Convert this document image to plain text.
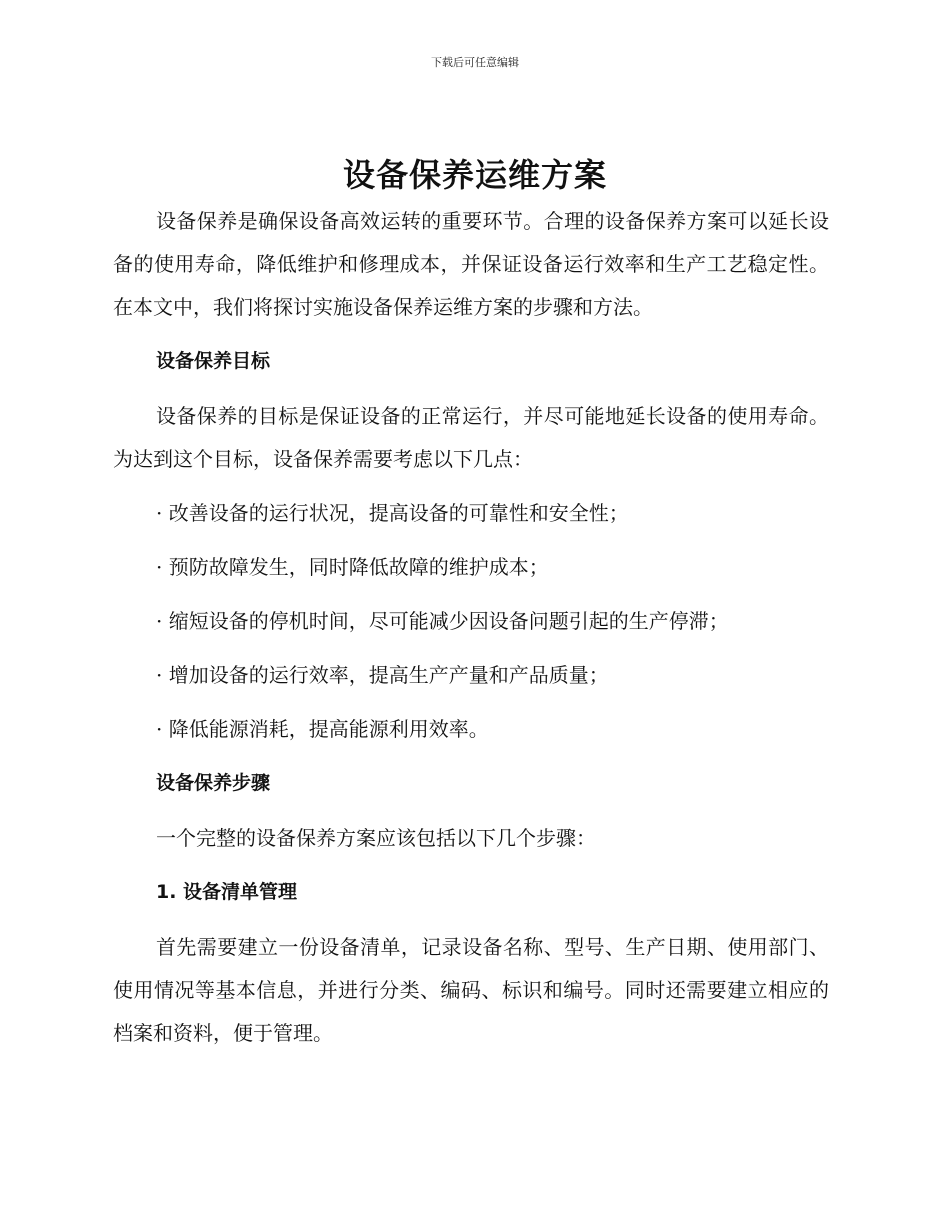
下载后可任意编辑
设备保养运维方案

设备保养是确保设备高效运转的重要环节。合理的设备保养方案可以延长设备的使用寿命，降低维护和修理成本，并保证设备运行效率和生产工艺稳定性。在本文中，我们将探讨实施设备保养运维方案的步骤和方法。

设备保养目标

设备保养的目标是保证设备的正常运行，并尽可能地延长设备的使用寿命。为达到这个目标，设备保养需要考虑以下几点：

· 改善设备的运行状况，提高设备的可靠性和安全性；

· 预防故障发生，同时降低故障的维护成本；

· 缩短设备的停机时间，尽可能减少因设备问题引起的生产停滞；

· 增加设备的运行效率，提高生产产量和产品质量；

· 降低能源消耗，提高能源利用效率。

设备保养步骤

一个完整的设备保养方案应该包括以下几个步骤：

1. 设备清单管理

首先需要建立一份设备清单，记录设备名称、型号、生产日期、使用部门、使用情况等基本信息，并进行分类、编码、标识和编号。同时还需要建立相应的档案和资料，便于管理。
